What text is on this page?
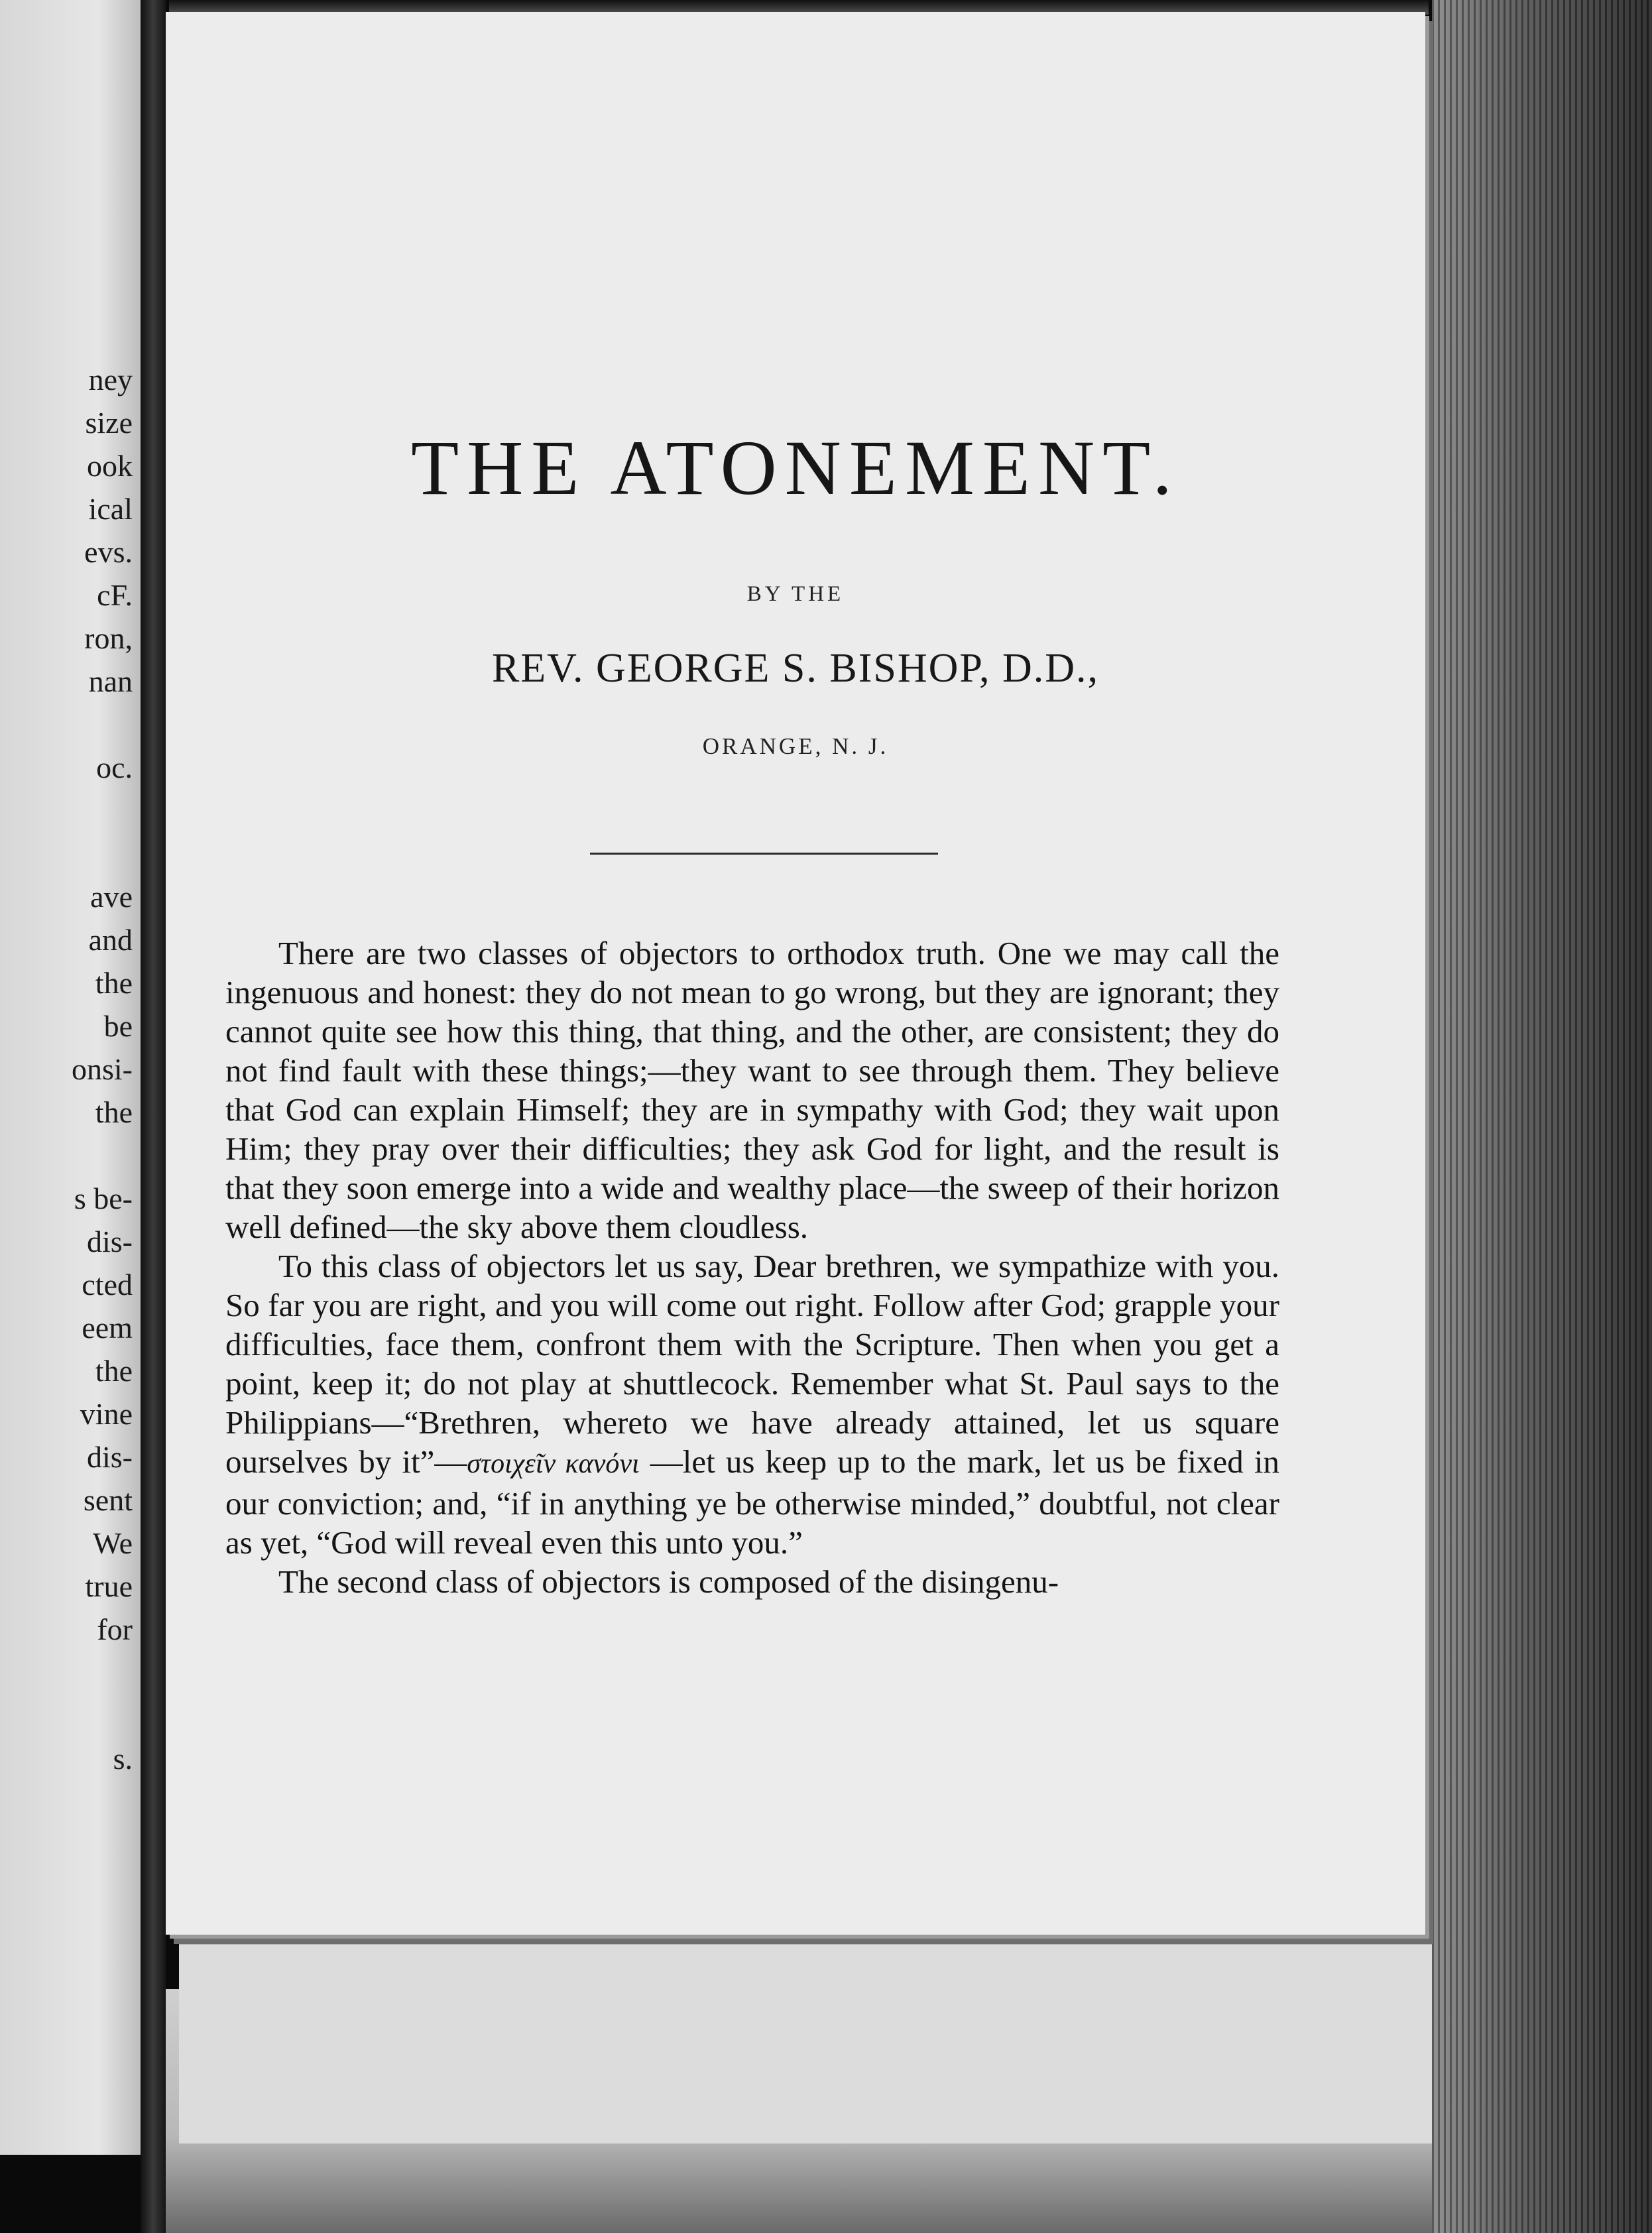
ney
size
ook
ical
evs.
cF.
ron,
nan
oc.
ave
and
the
be
onsi-
the
s be-
dis-
cted
eem
the
vine
dis-
sent
We
true
for
s.
THE ATONEMENT.
BY THE
REV. GEORGE S. BISHOP, D.D.,
ORANGE, N. J.

There are two classes of objectors to orthodox truth. One we may call the ingenuous and honest: they do not mean to go wrong, but they are ignorant; they cannot quite see how this thing, that thing, and the other, are consistent; they do not find fault with these things;—they want to see through them. They believe that God can explain Himself; they are in sympathy with God; they wait upon Him; they pray over their difficulties; they ask God for light, and the result is that they soon emerge into a wide and wealthy place—the sweep of their horizon well defined—the sky above them cloudless.

To this class of objectors let us say, Dear brethren, we sympathize with you. So far you are right, and you will come out right. Follow after God; grapple your difficulties, face them, confront them with the Scripture. Then when you get a point, keep it; do not play at shuttlecock. Remember what St. Paul says to the Philippians—“Brethren, whereto we have already attained, let us square ourselves by it”—στοιχεῖν κανόνι —let us keep up to the mark, let us be fixed in our conviction; and, “if in anything ye be otherwise minded,” doubtful, not clear as yet, “God will reveal even this unto you.”

The second class of objectors is composed of the disingenu-
